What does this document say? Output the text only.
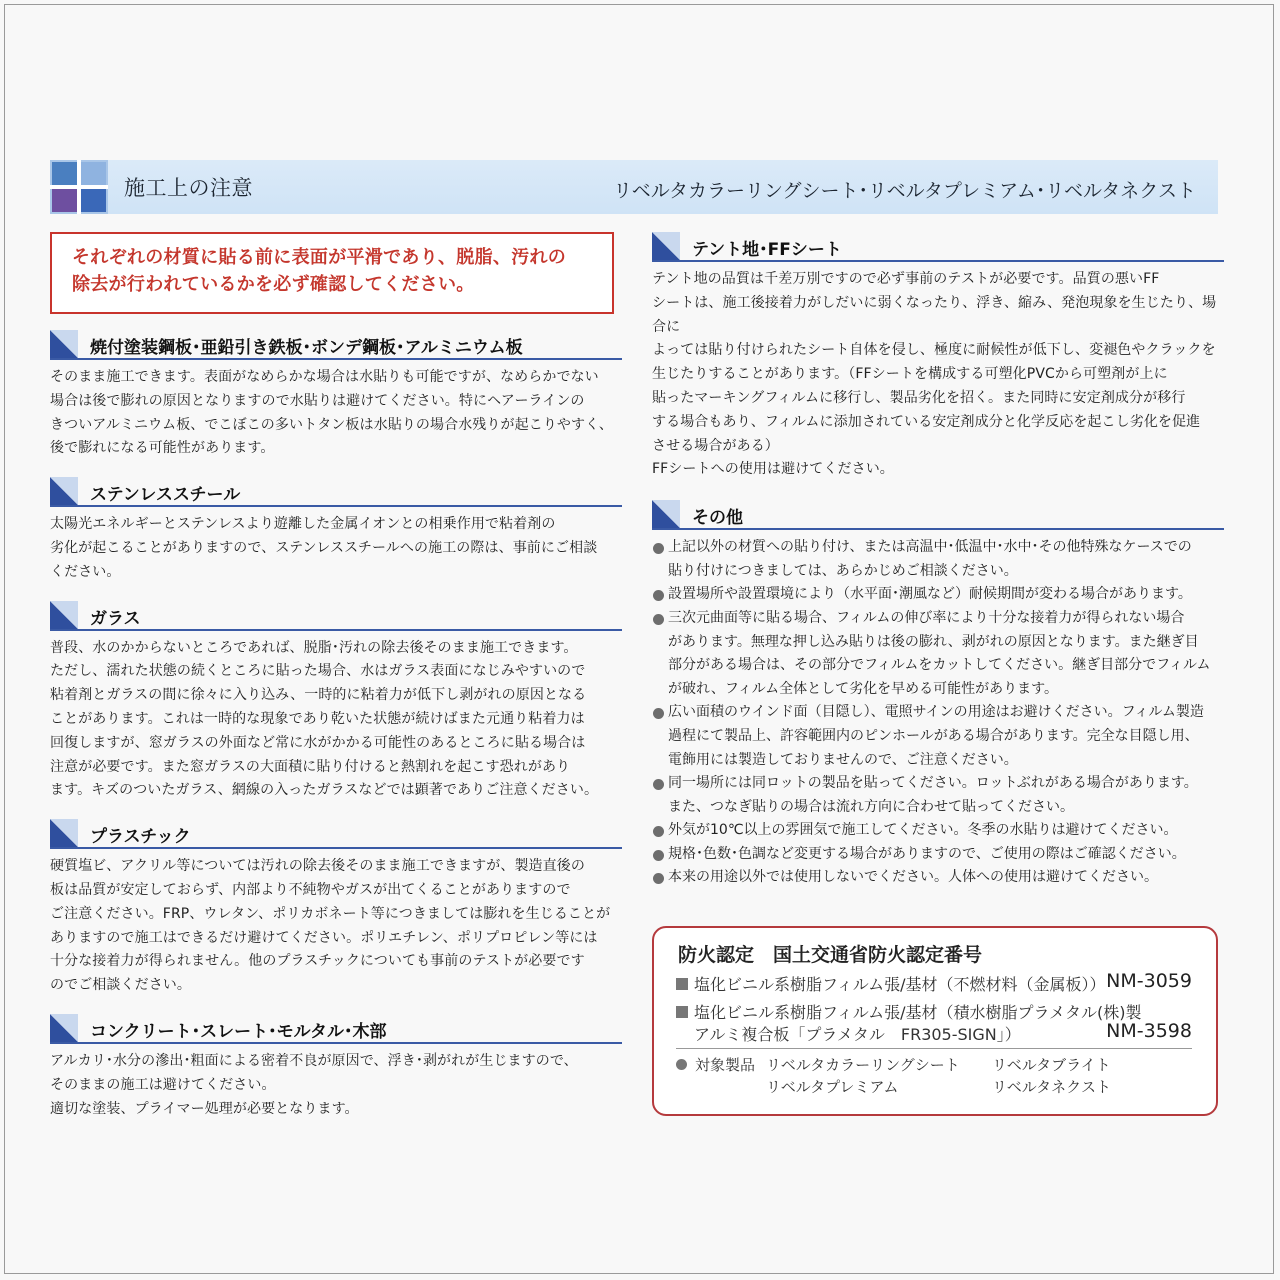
施工上の注意	リベルタカラーリングシート･リベルタプレミアム･リベルタネクスト
それぞれの材質に貼る前に表面が平滑であり、脱脂、汚れの
除去が行われているかを必ず確認してください。
焼付塗装鋼板･亜鉛引き鉄板･ボンデ鋼板･アルミニウム板
そのまま施工できます。表面がなめらかな場合は水貼りも可能ですが、なめらかでない
場合は後で膨れの原因となりますので水貼りは避けてください。特にヘアーラインの
きついアルミニウム板、でこぼこの多いトタン板は水貼りの場合水残りが起こりやすく、
後で膨れになる可能性があります。
ステンレススチール
太陽光エネルギーとステンレスより遊離した金属イオンとの相乗作用で粘着剤の
劣化が起こることがありますので、ステンレススチールへの施工の際は、事前にご相談
ください。
ガラス
普段、水のかからないところであれば、脱脂･汚れの除去後そのまま施工できます。
ただし、濡れた状態の続くところに貼った場合、水はガラス表面になじみやすいので
粘着剤とガラスの間に徐々に入り込み、一時的に粘着力が低下し剥がれの原因となる
ことがあります。これは一時的な現象であり乾いた状態が続けばまた元通り粘着力は
回復しますが、窓ガラスの外面など常に水がかかる可能性のあるところに貼る場合は
注意が必要です。また窓ガラスの大面積に貼り付けると熱割れを起こす恐れがあり
ます。キズのついたガラス、網線の入ったガラスなどでは顕著でありご注意ください。
プラスチック
硬質塩ビ、アクリル等については汚れの除去後そのまま施工できますが、製造直後の
板は品質が安定しておらず、内部より不純物やガスが出てくることがありますので
ご注意ください。FRP、ウレタン、ポリカボネート等につきましては膨れを生じることが
ありますので施工はできるだけ避けてください。ポリエチレン、ポリプロピレン等には
十分な接着力が得られません。他のプラスチックについても事前のテストが必要です
のでご相談ください。
コンクリート･スレート･モルタル･木部
アルカリ･水分の滲出･粗面による密着不良が原因で、浮き･剥がれが生じますので、
そのままの施工は避けてください。
適切な塗装、プライマー処理が必要となります。
テント地･FFシート
テント地の品質は千差万別ですので必ず事前のテストが必要です。品質の悪いFF
シートは、施工後接着力がしだいに弱くなったり、浮き、縮み、発泡現象を生じたり、場合に
よっては貼り付けられたシート自体を侵し、極度に耐候性が低下し、変褪色やクラックを
生じたりすることがあります。（FFシートを構成する可塑化PVCから可塑剤が上に
貼ったマーキングフィルムに移行し、製品劣化を招く。また同時に安定剤成分が移行
する場合もあり、フィルムに添加されている安定剤成分と化学反応を起こし劣化を促進
させる場合がある）
FFシートへの使用は避けてください。
その他
上記以外の材質への貼り付け、または高温中･低温中･水中･その他特殊なケースでの
貼り付けにつきましては、あらかじめご相談ください。
設置場所や設置環境により（水平面･潮風など）耐候期間が変わる場合があります。
三次元曲面等に貼る場合、フィルムの伸び率により十分な接着力が得られない場合
があります。無理な押し込み貼りは後の膨れ、剥がれの原因となります。また継ぎ目
部分がある場合は、その部分でフィルムをカットしてください。継ぎ目部分でフィルム
が破れ、フィルム全体として劣化を早める可能性があります。
広い面積のウインド面（目隠し）、電照サインの用途はお避けください。フィルム製造
過程にて製品上、許容範囲内のピンホールがある場合があります。完全な目隠し用、
電飾用には製造しておりませんので、ご注意ください。
同一場所には同ロットの製品を貼ってください。ロットぶれがある場合があります。
また、つなぎ貼りの場合は流れ方向に合わせて貼ってください。
外気が10℃以上の雰囲気で施工してください。冬季の水貼りは避けてください。
規格･色数･色調など変更する場合がありますので、ご使用の際はご確認ください。
本来の用途以外では使用しないでください。人体への使用は避けてください。
防火認定　国土交通省防火認定番号
塩化ビニル系樹脂フィルム張/基材（不燃材料（金属板）） NM-3059
塩化ビニル系樹脂フィルム張/基材（積水樹脂プラメタル(株)製
アルミ複合板「プラメタル　FR305-SIGN」）	NM-3598
対象製品 リベルタカラーリングシート リベルタブライト
リベルタプレミアム	リベルタネクスト
